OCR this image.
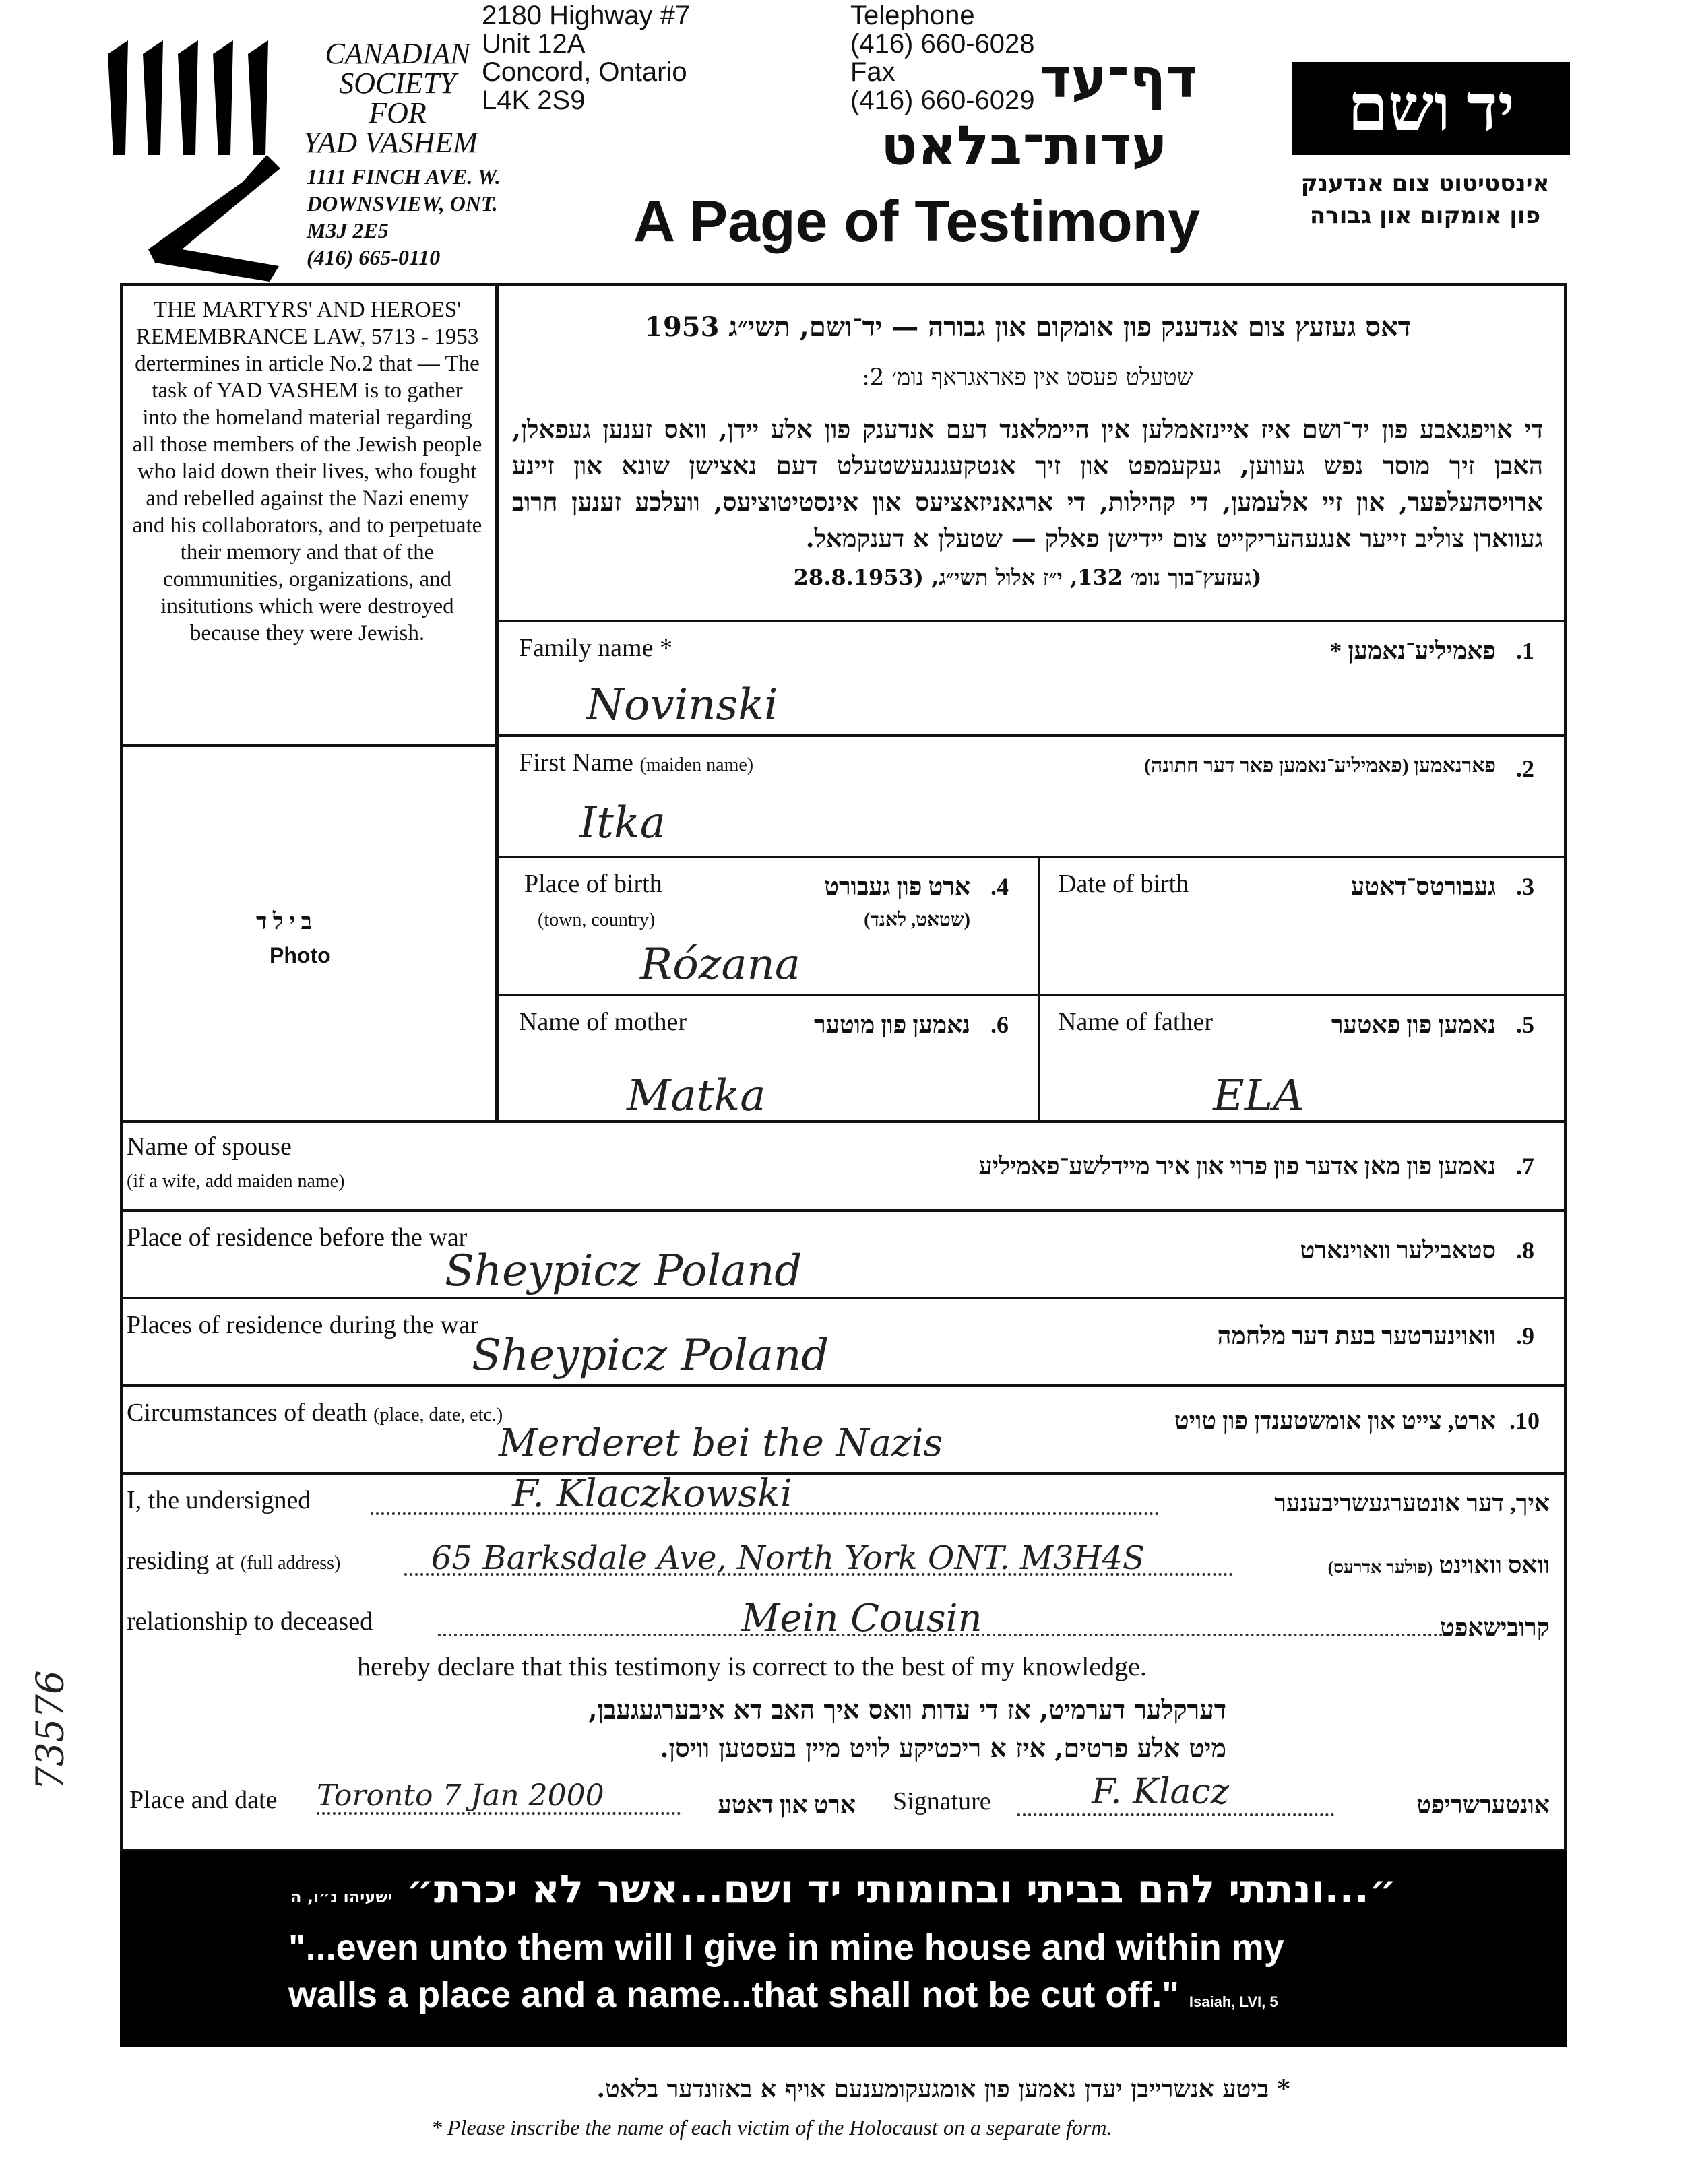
CANADIAN
SOCIETY
FOR
YAD VASHEM
2180 Highway #7
Unit 12A
Concord, Ontario
L4K 2S9
1111 FINCH AVE. W.
DOWNSVIEW, ONT.
M3J 2E5
(416) 665-0110
Telephone
(416) 660-6028
Fax
(416) 660-6029 דף־עד
עדות־בלאט
A Page of Testimony
יד ושם
אינסטיטוט צום אנדענק
פון אומקום און גבורה
THE MARTYRS' AND HEROES' REMEMBRANCE LAW, 5713 - 1953 dertermines in article No.2 that — The task of YAD VASHEM is to gather into the homeland material regarding all those members of the Jewish people who laid down their lives, who fought and rebelled against the Nazi enemy and his collaborators, and to perpetuate their memory and that of the communities, organizations, and insitutions which were destroyed because they were Jewish.
דאס געזעץ צום אנדענק פון אומקום און גבורה — יד־ושם, תשי״ג 1953
שטעלט פעסט אין פאראגראף נומ׳ 2:
די אויפגאבע פון יד־ושם איז איינזאמלען אין היימלאנד דעם אנדענק פון אלע יידן, וואס זענען געפאלן, האבן זיך מוסר נפש געווען, געקעמפט און זיך אנטקעגנגעשטעלט דעם נאצישן שונא און זיינע ארויסהעלפער, און זיי אלעמען, די קהילות, די ארגאניזאציעס און אינסטיטוציעס, וועלכע זענען חרוב געווארן צוליב זייער אנגעהעריקייט צום יידישן פאלק — שטעלן א דענקמאל.
(געזעץ־בוך נומ׳ 132, י״ז אלול תשי״ג, (28.8.1953
ב י ל ד
Photo
Family name *	פאמיליע־נאמען * .1
Novinski
First Name (maiden name)	פארנאמען (פאמיליע־נאמען פאר דער חתונה) .2
Itka
Place of birth
(town, country)
ארט פון געבורט
(שטאט, לאנד)
.4
Rózana
Date of birth	געבורטס־דאטע .3
Name of mother	נאמען פון מוטער .6
Matka
Name of father	נאמען פון פאטער .5
ELA
Name of spouse
(if a wife, add maiden name)
נאמען פון מאן אדער פון פרוי און איר מיידלשע־פאמיליע .7
Place of residence before the war	סטאבילער וואוינארט .8
Sheypicz Poland
Places of residence during the war	וואוינערטער בעת דער מלחמה .9
Sheypicz Poland
Circumstances of death (place, date, etc.)	ארט, צייט און אומשטענדן פון טויט .10
Merderet bei the Nazis
I, the undersigned	F. Klaczkowski	איך, דער אונטערגעשריבענער
residing at (full address)	65 Barksdale Ave, North York ONT. M3H4S	וואס וואוינט (פולער אדרעס)
relationship to deceased	Mein Cousin	קרובישאפט
hereby declare that this testimony is correct to the best of my knowledge.
דערקלער דערמיט, אז די עדות וואס איך האב דא איבערגעגעבן,
מיט אלע פרטים, איז א ריכטיקע לויט מיין בעסטען וויסן.
Place and date Toronto 7 Jan 2000	ארט און דאטע Signature	F. Klacz	אונטערשריפט
״...ונתתי להם בביתי ובחומותי יד ושם...אשר לא יכרת״ ישעיהו נ״ו, ה
"...even unto them will I give in mine house and within my
walls a place and a name...that shall not be cut off." Isaiah, LVI, 5
* ביטע אנשרייבן יעדן נאמען פון אומגעקומענעם אויף א באזונדער בלאט.
* Please inscribe the name of each victim of the Holocaust on a separate form.
73576
